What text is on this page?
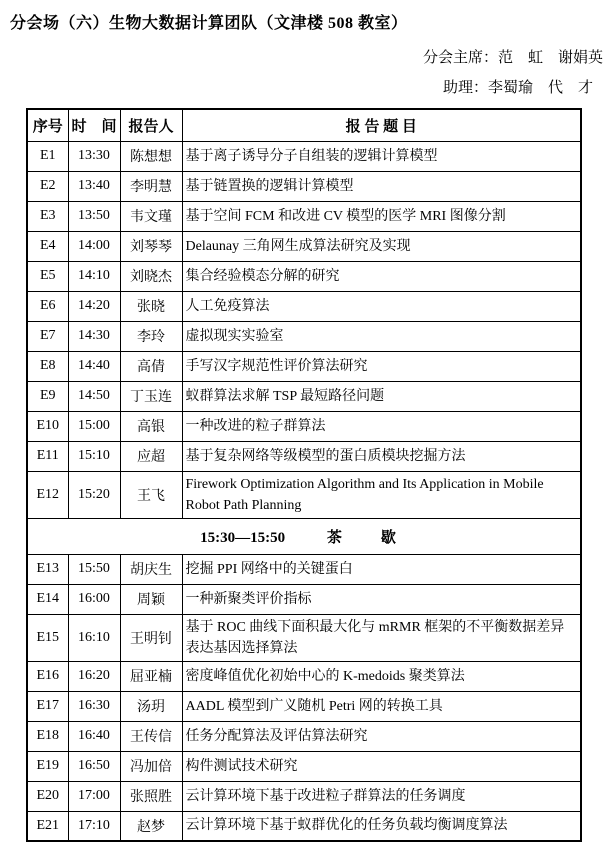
分会场（六）生物大数据计算团队（文津楼 508 教室）
分会主席：范　虹　谢娟英
助理：李蜀瑜　代　才
序号	时　间	报告人	报 告 题 目
E1	13:30	陈想想	基于离子诱导分子自组装的逻辑计算模型
E2	13:40	李明慧	基于链置换的逻辑计算模型
E3	13:50	韦文瑾	基于空间 FCM 和改进 CV 模型的医学 MRI 图像分割
E4	14:00	刘琴琴	Delaunay 三角网生成算法研究及实现
E5	14:10	刘晓杰	集合经验模态分解的研究
E6	14:20	张晓	人工免疫算法
E7	14:30	李玲	虚拟现实实验室
E8	14:40	高倩	手写汉字规范性评价算法研究
E9	14:50	丁玉连	蚁群算法求解 TSP 最短路径问题
E10	15:00	高银	一种改进的粒子群算法
E11	15:10	应超	基于复杂网络等级模型的蛋白质模块挖掘方法
E12	15:20	王飞	Firework Optimization Algorithm and Its Application in Mobile Robot Path Planning
15:30—15:50 茶　歇			
E13	15:50	胡庆生	挖掘 PPI 网络中的关键蛋白
E14	16:00	周颖	一种新聚类评价指标
E15	16:10	王明钊	基于 ROC 曲线下面积最大化与 mRMR 框架的不平衡数据差异表达基因选择算法
E16	16:20	屈亚楠	密度峰值优化初始中心的 K-medoids 聚类算法
E17	16:30	汤玥	AADL 模型到广义随机 Petri 网的转换工具
E18	16:40	王传信	任务分配算法及评估算法研究
E19	16:50	冯加倍	构件测试技术研究
E20	17:00	张照胜	云计算环境下基于改进粒子群算法的任务调度
E21	17:10	赵梦	云计算环境下基于蚁群优化的任务负载均衡调度算法
